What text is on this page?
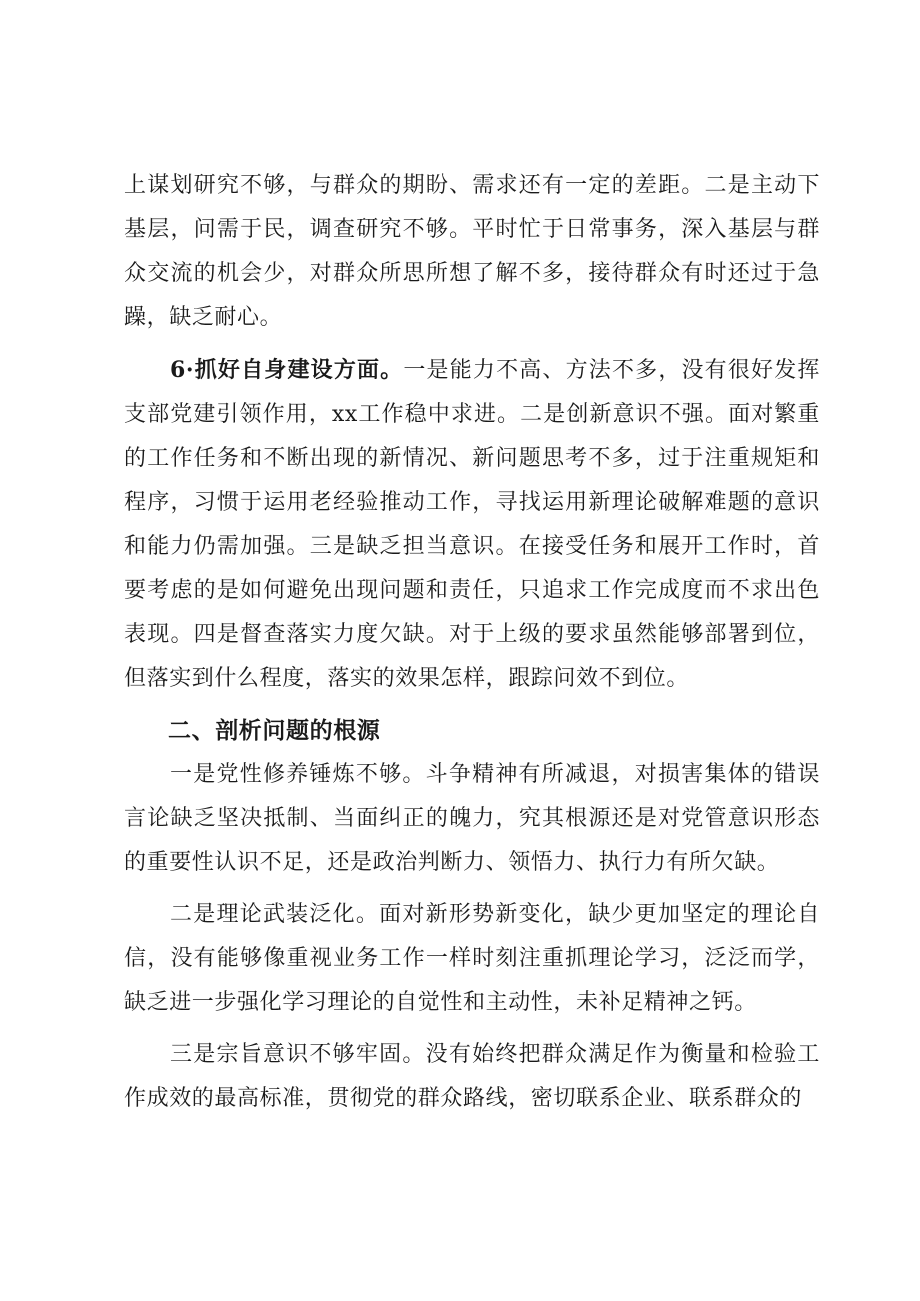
上谋划研究不够，与群众的期盼、需求还有一定的差距。二是主动下基层，问需于民，调查研究不够。平时忙于日常事务，深入基层与群众交流的机会少，对群众所思所想了解不多，接待群众有时还过于急躁，缺乏耐心。

6·抓好自身建设方面。一是能力不高、方法不多，没有很好发挥支部党建引领作用，xx工作稳中求进。二是创新意识不强。面对繁重的工作任务和不断出现的新情况、新问题思考不多，过于注重规矩和程序，习惯于运用老经验推动工作，寻找运用新理论破解难题的意识和能力仍需加强。三是缺乏担当意识。在接受任务和展开工作时，首要考虑的是如何避免出现问题和责任，只追求工作完成度而不求出色表现。四是督查落实力度欠缺。对于上级的要求虽然能够部署到位，但落实到什么程度，落实的效果怎样，跟踪问效不到位。

二、剖析问题的根源

一是党性修养锤炼不够。斗争精神有所减退，对损害集体的错误言论缺乏坚决抵制、当面纠正的魄力，究其根源还是对党管意识形态的重要性认识不足，还是政治判断力、领悟力、执行力有所欠缺。

二是理论武装泛化。面对新形势新变化，缺少更加坚定的理论自信，没有能够像重视业务工作一样时刻注重抓理论学习，泛泛而学，缺乏进一步强化学习理论的自觉性和主动性，未补足精神之钙。

三是宗旨意识不够牢固。没有始终把群众满足作为衡量和检验工作成效的最高标准，贯彻党的群众路线，密切联系企业、联系群众的
